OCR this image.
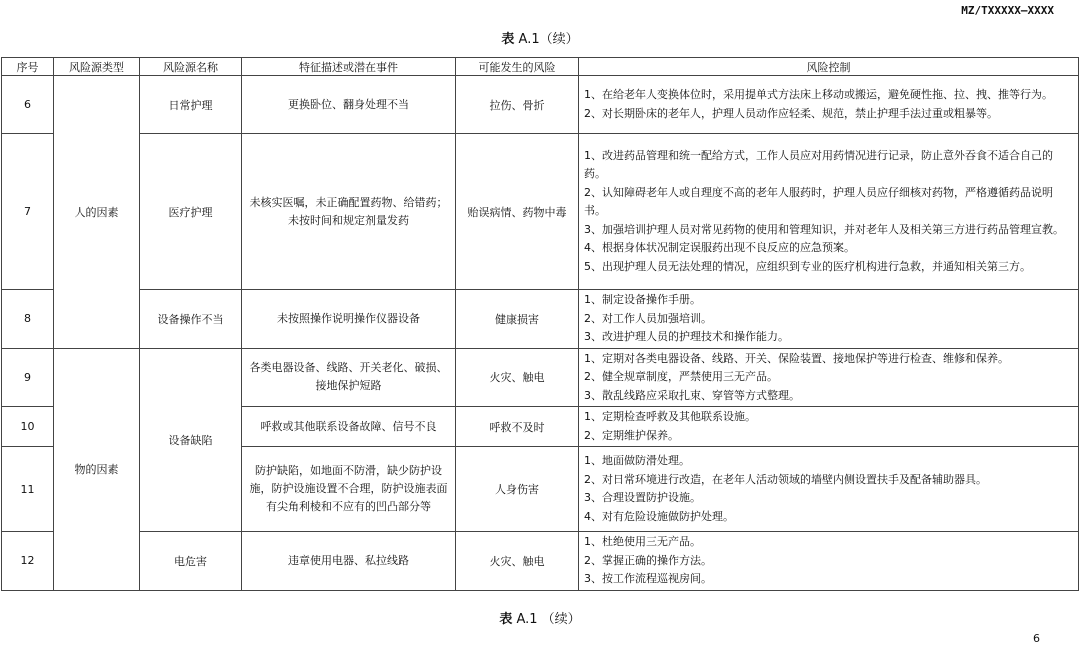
MZ/TXXXXX—XXXX
表 A.1（续）
序号	风险源类型	风险源名称	特征描述或潜在事件	可能发生的风险	风险控制
6	人的因素	日常护理	更换卧位、翻身处理不当	拉伤、骨折	1、在给老年人变换体位时，采用提单式方法床上移动或搬运，避免硬性拖、拉、拽、推等行为。
2、对长期卧床的老年人，护理人员动作应轻柔、规范，禁止护理手法过重或粗暴等。

7		医疗护理	未核实医嘱，未正确配置药物、给错药；未按时间和规定剂量发药	贻误病情、药物中毒	1、改进药品管理和统一配给方式，工作人员应对用药情况进行记录，防止意外吞食不适合自己的药。
2、认知障碍老年人或自理度不高的老年人服药时，护理人员应仔细核对药物，严格遵循药品说明书。
3、加强培训护理人员对常见药物的使用和管理知识，并对老年人及相关第三方进行药品管理宣教。
4、根据身体状况制定误服药出现不良反应的应急预案。
5、出现护理人员无法处理的情况，应组织到专业的医疗机构进行急救，并通知相关第三方。

8		设备操作不当	未按照操作说明操作仪器设备	健康损害	1、制定设备操作手册。
2、对工作人员加强培训。
3、改进护理人员的护理技术和操作能力。

9	物的因素	设备缺陷	各类电器设备、线路、开关老化、破损、接地保护短路	火灾、触电	1、定期对各类电器设备、线路、开关、保险装置、接地保护等进行检查、维修和保养。
2、健全规章制度，严禁使用三无产品。
3、散乱线路应采取扎束、穿管等方式整理。

10			呼救或其他联系设备故障、信号不良	呼救不及时	1、定期检查呼救及其他联系设施。
2、定期维护保养。

11			防护缺陷，如地面不防滑，缺少防护设施，防护设施设置不合理，防护设施表面有尖角利棱和不应有的凹凸部分等	人身伤害	1、地面做防滑处理。
2、对日常环境进行改造，在老年人活动领域的墙壁内侧设置扶手及配备辅助器具。
3、合理设置防护设施。
4、对有危险设施做防护处理。

12		电危害	违章使用电器、私拉线路	火灾、触电	1、杜绝使用三无产品。
2、掌握正确的操作方法。
3、按工作流程巡视房间。
表 A.1 （续）
6
